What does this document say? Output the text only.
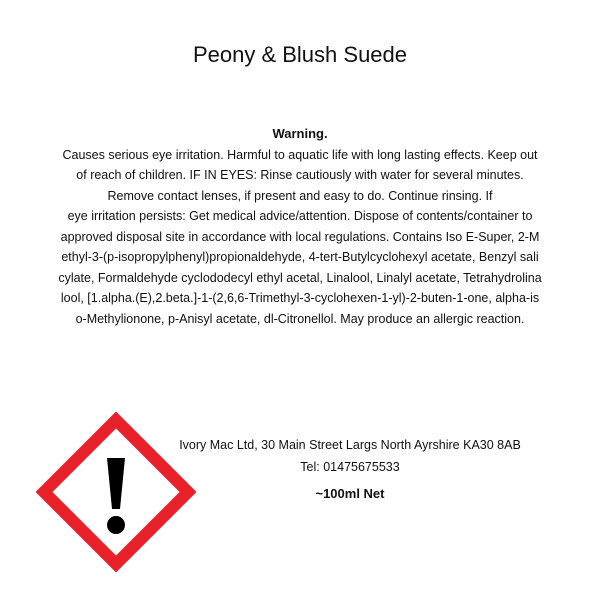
Peony & Blush Suede
Warning.
Causes serious eye irritation. Harmful to aquatic life with long lasting effects. Keep out
of reach of children. IF IN EYES: Rinse cautiously with water for several minutes.
Remove contact lenses, if present and easy to do. Continue rinsing. If
eye irritation persists: Get medical advice/attention. Dispose of contents/container to
approved disposal site in accordance with local regulations. Contains Iso E-Super, 2-M
ethyl-3-(p-isopropylphenyl)propionaldehyde, 4-tert-Butylcyclohexyl acetate, Benzyl sali
cylate, Formaldehyde cyclododecyl ethyl acetal, Linalool, Linalyl acetate, Tetrahydrolina
lool, [1.alpha.(E),2.beta.]-1-(2,6,6-Trimethyl-3-cyclohexen-1-yl)-2-buten-1-one, alpha-is
o-Methylionone, p-Anisyl acetate, dl-Citronellol. May produce an allergic reaction.
Ivory Mac Ltd, 30 Main Street Largs North Ayrshire KA30 8AB
Tel: 01475675533
~100ml Net
